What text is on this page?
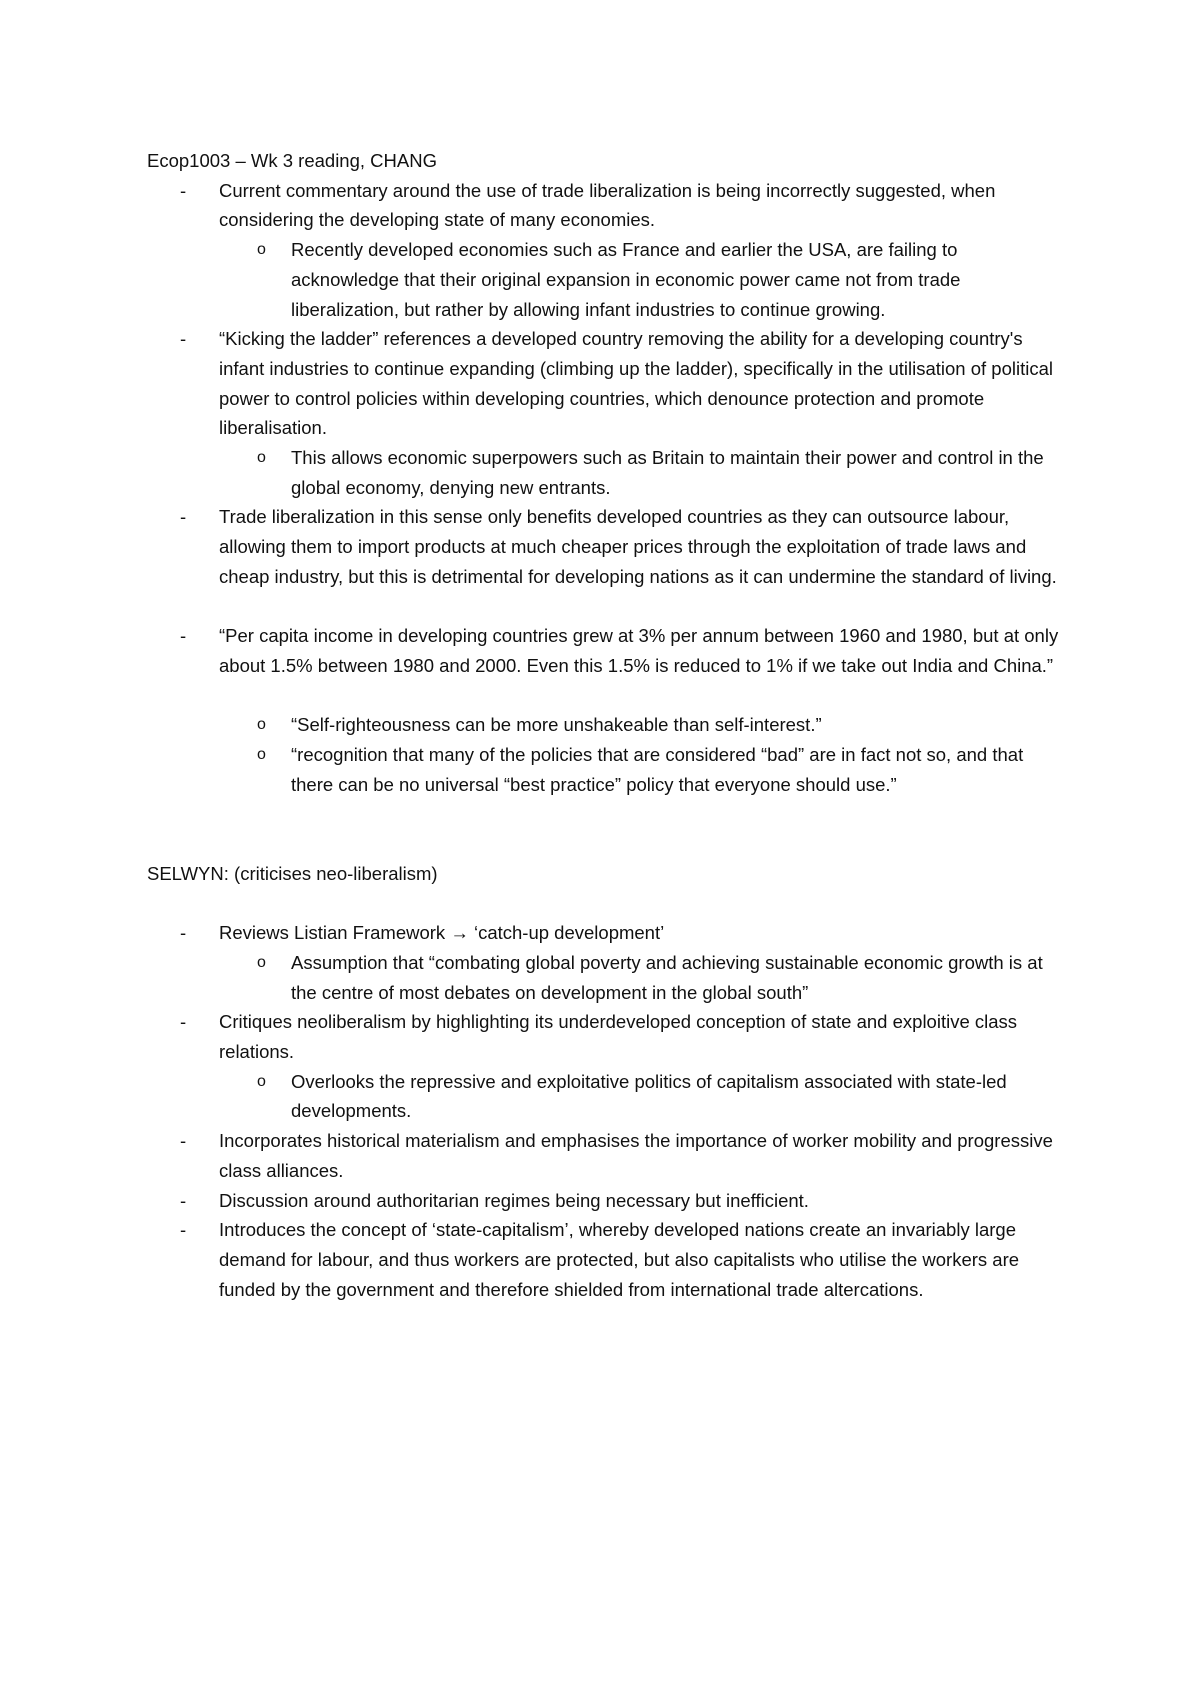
Ecop1003 – Wk 3 reading, CHANG

- Current commentary around the use of trade liberalization is being incorrectly suggested, when considering the developing state of many economies.
o Recently developed economies such as France and earlier the USA, are failing to acknowledge that their original expansion in economic power came not from trade liberalization, but rather by allowing infant industries to continue growing.
- “Kicking the ladder” references a developed country removing the ability for a developing country's infant industries to continue expanding (climbing up the ladder), specifically in the utilisation of political power to control policies within developing countries, which denounce protection and promote liberalisation.
o This allows economic superpowers such as Britain to maintain their power and control in the global economy, denying new entrants.
- Trade liberalization in this sense only benefits developed countries as they can outsource labour, allowing them to import products at much cheaper prices through the exploitation of trade laws and cheap industry, but this is detrimental for developing nations as it can undermine the standard of living.
- “Per capita income in developing countries grew at 3% per annum between 1960 and 1980, but at only about 1.5% between 1980 and 2000. Even this 1.5% is reduced to 1% if we take out India and China.”
o “Self-righteousness can be more unshakeable than self-interest.”
o “recognition that many of the policies that are considered “bad” are in fact not so, and that there can be no universal “best practice” policy that everyone should use.”

SELWYN: (criticises neo-liberalism)

- Reviews Listian Framework → ‘catch-up development’
o Assumption that “combating global poverty and achieving sustainable economic growth is at the centre of most debates on development in the global south”
- Critiques neoliberalism by highlighting its underdeveloped conception of state and exploitive class relations.
o Overlooks the repressive and exploitative politics of capitalism associated with state-led developments.
- Incorporates historical materialism and emphasises the importance of worker mobility and progressive class alliances.
- Discussion around authoritarian regimes being necessary but inefficient.
- Introduces the concept of ‘state-capitalism’, whereby developed nations create an invariably large demand for labour, and thus workers are protected, but also capitalists who utilise the workers are funded by the government and therefore shielded from international trade altercations.
